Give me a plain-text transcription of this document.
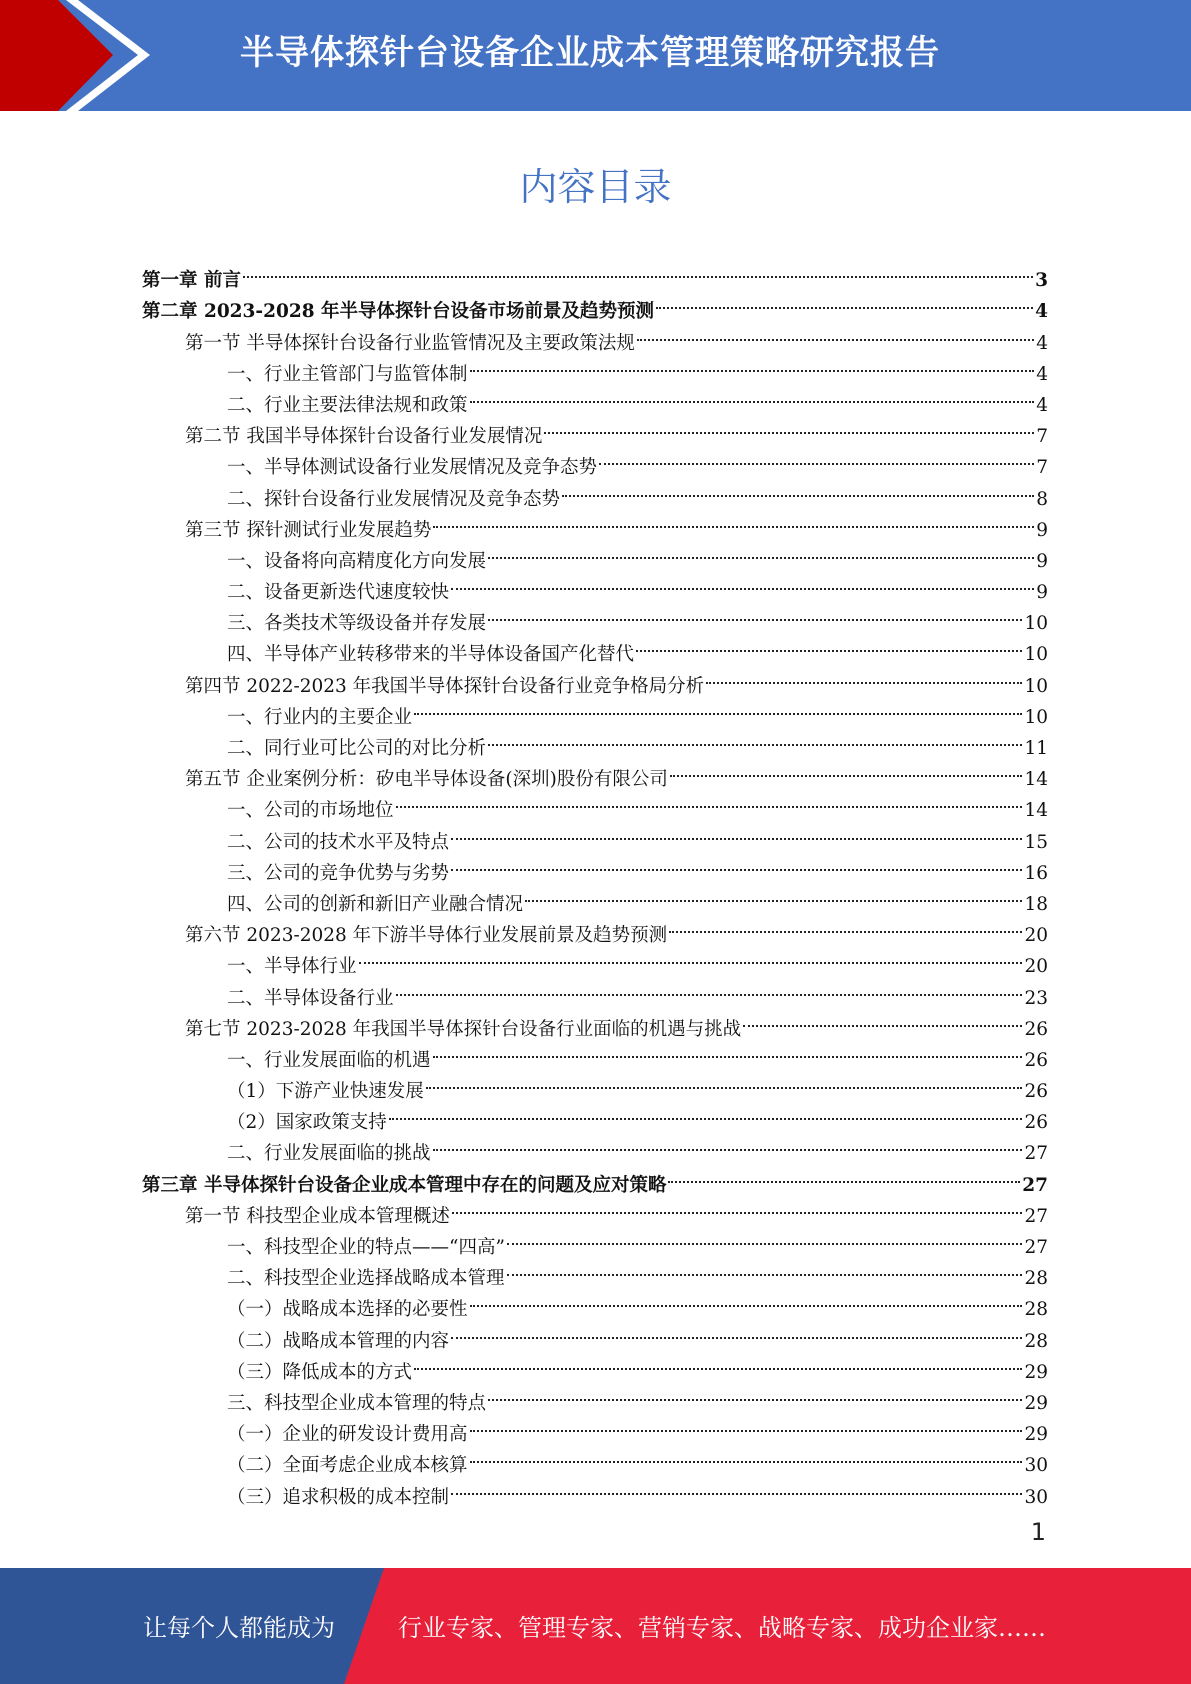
半导体探针台设备企业成本管理策略研究报告
内容目录
第一章 前言	3
第二章 2023-2028 年半导体探针台设备市场前景及趋势预测	4
第一节 半导体探针台设备行业监管情况及主要政策法规	4
一、行业主管部门与监管体制	4
二、行业主要法律法规和政策	4
第二节 我国半导体探针台设备行业发展情况	7
一、半导体测试设备行业发展情况及竞争态势	7
二、探针台设备行业发展情况及竞争态势	8
第三节 探针测试行业发展趋势	9
一、设备将向高精度化方向发展	9
二、设备更新迭代速度较快	9
三、各类技术等级设备并存发展	10
四、半导体产业转移带来的半导体设备国产化替代	10
第四节 2022-2023 年我国半导体探针台设备行业竞争格局分析	10
一、行业内的主要企业	10
二、同行业可比公司的对比分析	11
第五节 企业案例分析：矽电半导体设备(深圳)股份有限公司	14
一、公司的市场地位	14
二、公司的技术水平及特点	15
三、公司的竞争优势与劣势	16
四、公司的创新和新旧产业融合情况	18
第六节 2023-2028 年下游半导体行业发展前景及趋势预测	20
一、半导体行业	20
二、半导体设备行业	23
第七节 2023-2028 年我国半导体探针台设备行业面临的机遇与挑战	26
一、行业发展面临的机遇	26
（1）下游产业快速发展	26
（2）国家政策支持	26
二、行业发展面临的挑战	27
第三章 半导体探针台设备企业成本管理中存在的问题及应对策略	27
第一节 科技型企业成本管理概述	27
一、科技型企业的特点——“四高”	27
二、科技型企业选择战略成本管理	28
（一）战略成本选择的必要性	28
（二）战略成本管理的内容	28
（三）降低成本的方式	29
三、科技型企业成本管理的特点	29
（一）企业的研发设计费用高	29
（二）全面考虑企业成本核算	30
（三）追求积极的成本控制	30
1
让每个人都能成为	行业专家、管理专家、营销专家、战略专家、成功企业家……
